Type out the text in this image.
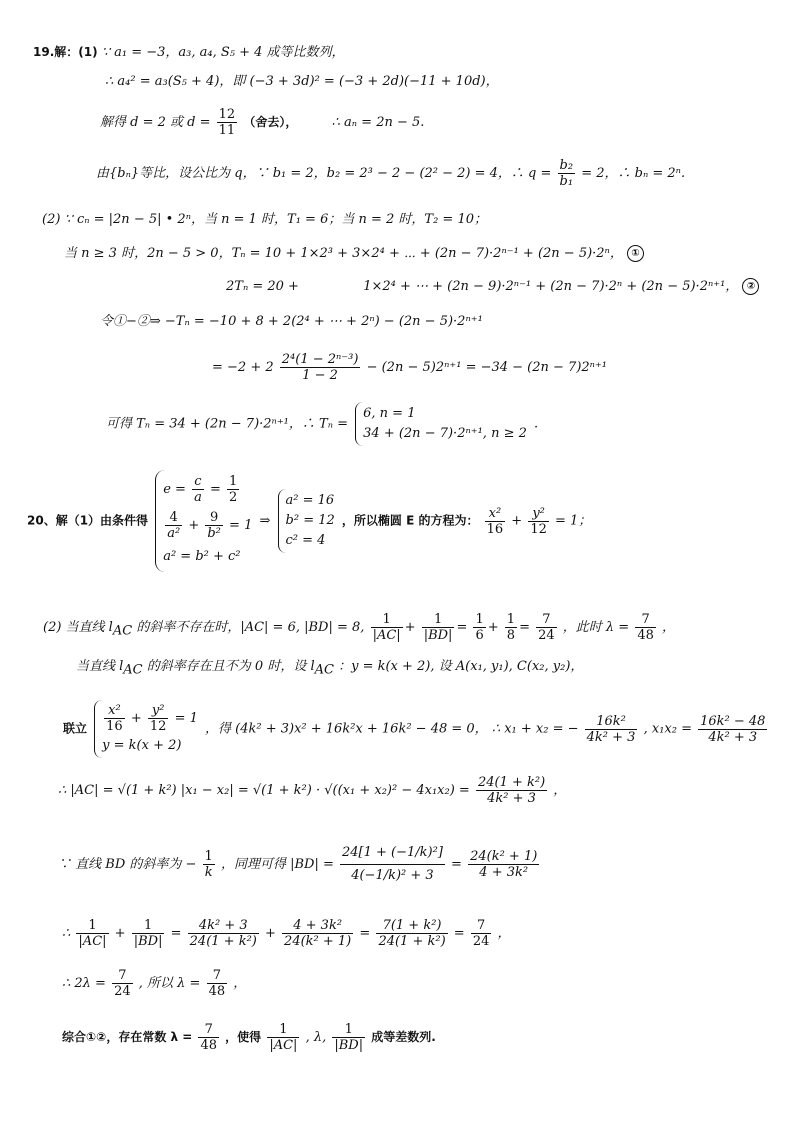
19.解：(1) ∵ a₁ = −3，a₃, a₄, S₅ + 4 成等比数列，
∴ a₄² = a₃(S₅ + 4)，即 (−3 + 3d)² = (−3 + 2d)(−11 + 10d)，
解得 d = 2 或 $d = \frac{12}{11}$ （舍去），	∴ aₙ = 2n − 5.
由{bₙ}等比，设公比为 q，∵ b₁ = 2，b₂ = 2³ − 2 − (2² − 2) = 4，∴ $q = \frac{\text{b₂}}{\text{b₁}} = 2$，∴ bₙ = 2ⁿ.
(2) ∵ cₙ = |2n − 5| • 2ⁿ，当 n = 1 时，T₁ = 6；当 n = 2 时，T₂ = 10；
当 n ≥ 3 时，2n − 5 > 0，Tₙ = 10 + 1×2³ + 3×2⁴ + ⋯ + (2n − 7)·2ⁿ⁻¹ + (2n − 5)·2ⁿ， ①
2Tₙ = 20 +	1×2⁴ + ⋯ + (2n − 9)·2ⁿ⁻¹ + (2n − 7)·2ⁿ + (2n − 5)·2ⁿ⁺¹， ②
令①−②⇒ −Tₙ = −10 + 8 + 2(2⁴ + ⋯ + 2ⁿ) − (2n − 5)·2ⁿ⁺¹
= $-2 + 2 \frac{\text{2⁴(1 − 2ⁿ⁻³)}}{1 - 2} - (2n - 5)2^{n+1} = -34 - (2n - 7)2^{n+1}$
可得 Tₙ = 34 + (2n − 7)·2ⁿ⁺¹，∴ Tₙ =
6, n = 1
34 + (2n − 7)·2ⁿ⁺¹, n ≥ 2
.
20、解（1）由条件得
$e = \frac{c}{a} = \frac{1}{2}$
$\frac{4}{\text{a²}} + \frac{9}{\text{b²}} = 1$
a² = b² + c²
⇒
a² = 16
b² = 12
c² = 4
，所以椭圆 E 的方程为： $\frac{\text{x²}}{16} + \frac{\text{y²}}{12} = 1$；
(2) 当直线 $l_{AC}$ 的斜率不存在时，|AC| = 6, |BD| = 8, $\frac{1}{|AC|} + \frac{1}{|BD|} = \frac{1}{6} + \frac{1}{8} = \frac{7}{24}$ ，此时 $\lambda = \frac{7}{48}$ ，
当直线 $l_{AC}$ 的斜率存在且不为 0 时，设 $l_{AC}$ ：y = k(x + 2), 设 A(x₁, y₁), C(x₂, y₂)，
联立 $\frac{\text{x²}}{16} + \frac{\text{y²}}{12} = 1$
y = k(x + 2)
，得 (4k² + 3)x² + 16k²x + 16k² − 48 = 0， ∴ x₁ + x₂ = − $\frac{\text{16k²}}{\text{4k² + 3}}$ , $x_1x_2 = \frac{\text{16k² − 48}}{\text{4k² + 3}}$
∴ |AC| = √(1 + k²) $|x_1 - x_2| = √(1 + k^2) \cdot √((x_1 + x_2)^2 - 4x_1x_2) = \frac{\text{24(1 + k²)}}{\text{4k² + 3}}$ ，
∵ 直线 BD 的斜率为 − $\frac{1}{k}$ ，同理可得 $|BD| = \frac{\text{24[1 + (−1/k)²]}}{\text{4(−1/k)² + 3}} = \frac{\text{24(k² + 1)}}{\text{4 + 3k²}}$
∴ $\frac{1}{|AC|} + \frac{1}{|BD|} = \frac{\text{4k² + 3}}{\text{24(1 + k²)}} + \frac{\text{4 + 3k²}}{\text{24(k² + 1)}} = \frac{\text{7(1 + k²)}}{\text{24(1 + k²)}} = \frac{7}{24}$ ，
∴ $2\lambda = \frac{7}{24}$ , 所以 $\lambda = \frac{7}{48}$ ，
综合①②，存在常数 $\lambda = \frac{7}{48}$ ，使得 $\frac{1}{|AC|}$ , λ, $\frac{1}{|BD|}$ 成等差数列.
